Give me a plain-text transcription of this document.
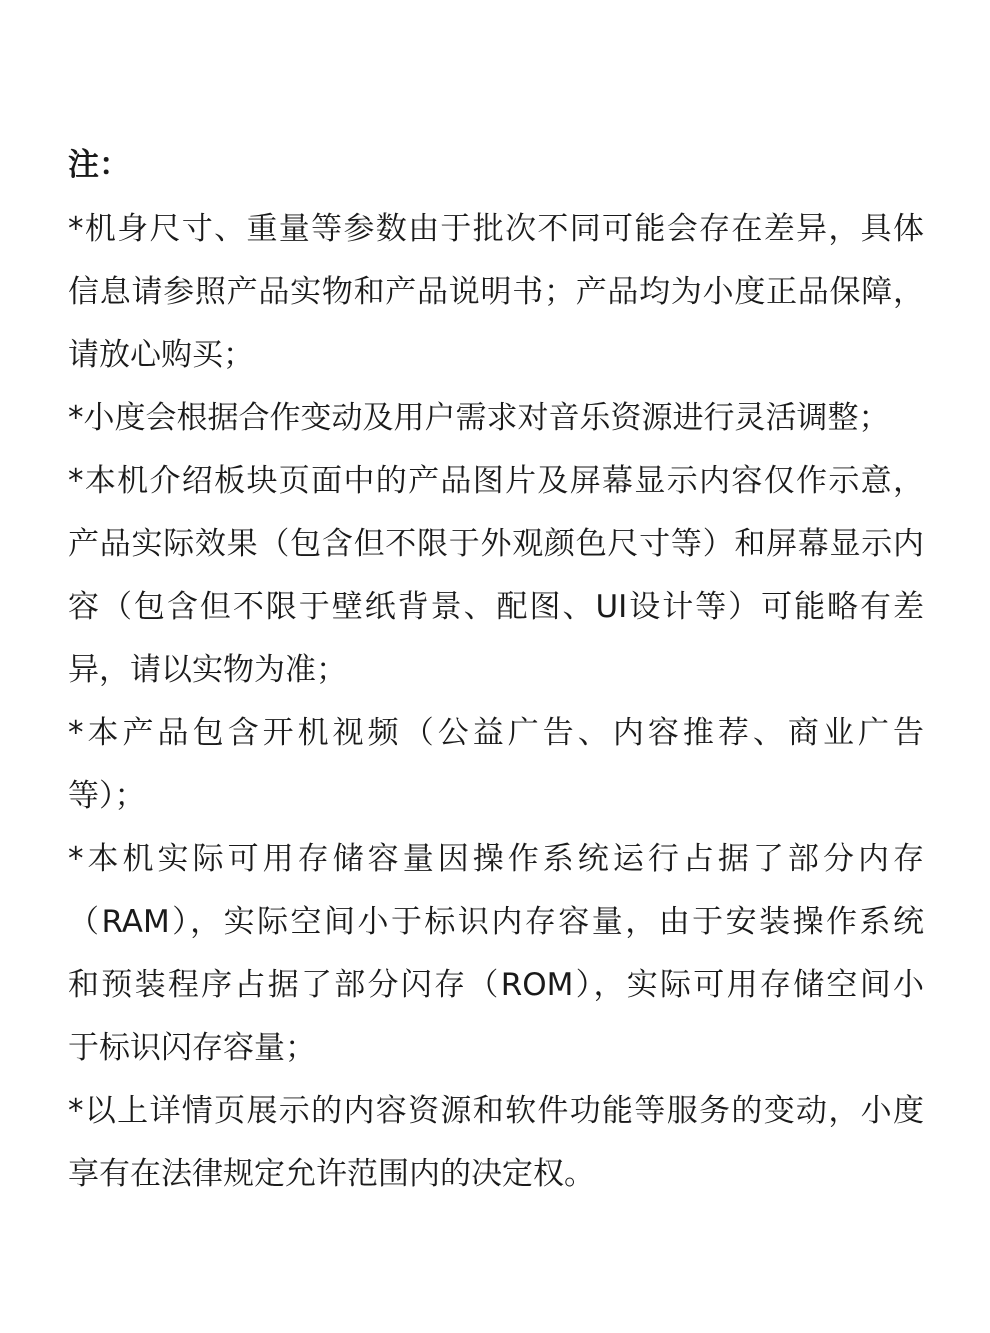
注：
*机身尺寸、重量等参数由于批次不同可能会存在差异，具体
信息请参照产品实物和产品说明书；产品均为小度正品保障，
请放心购买；
*小度会根据合作变动及用户需求对音乐资源进行灵活调整；
*本机介绍板块页面中的产品图片及屏幕显示内容仅作示意，
产品实际效果（包含但不限于外观颜色尺寸等）和屏幕显示内
容（包含但不限于壁纸背景、配图、UI设计等）可能略有差
异，请以实物为准；
*本产品包含开机视频（公益广告、内容推荐、商业广告
等）；
*本机实际可用存储容量因操作系统运行占据了部分内存
（RAM），实际空间小于标识内存容量，由于安装操作系统
和预装程序占据了部分闪存（ROM），实际可用存储空间小
于标识闪存容量；
*以上详情页展示的内容资源和软件功能等服务的变动，小度
享有在法律规定允许范围内的决定权。
